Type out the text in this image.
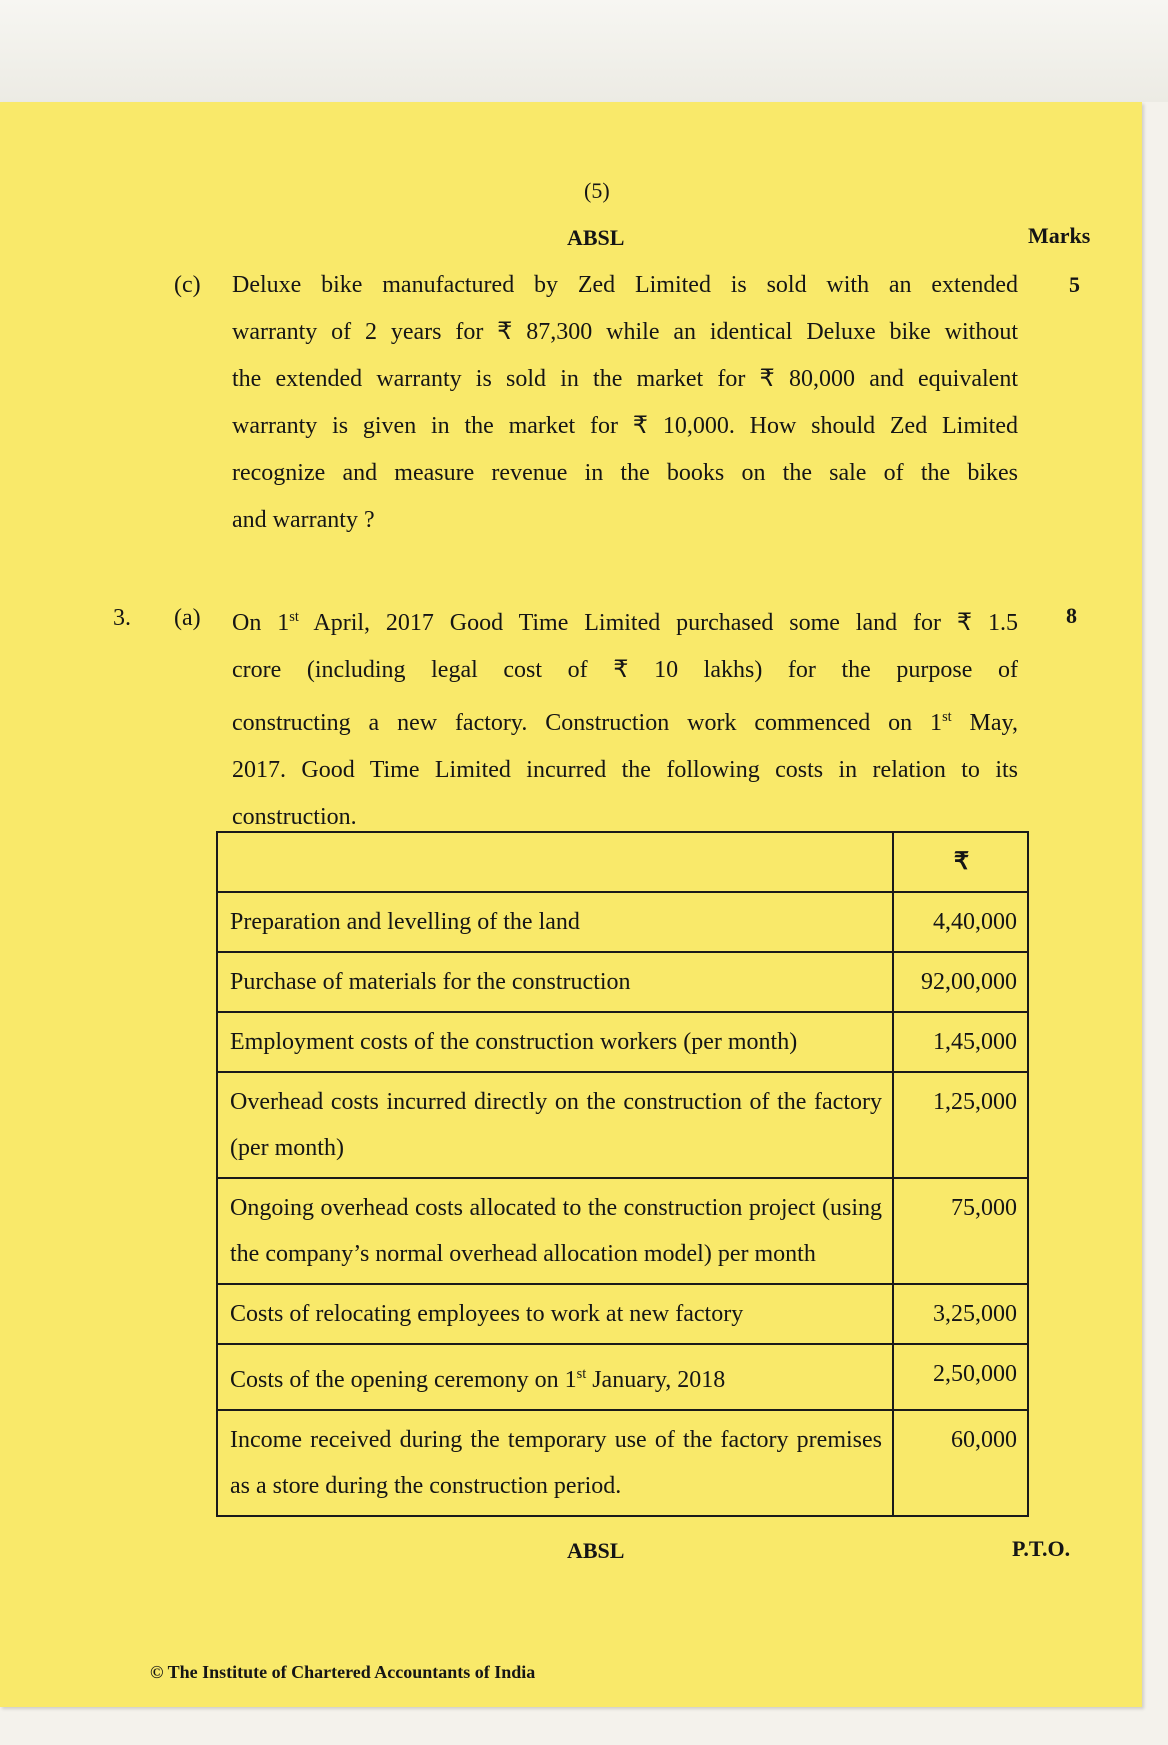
(5)
ABSL	Marks
(c)	5
Deluxe bike manufactured by Zed Limited is sold with an extended
warranty of 2 years for ₹ 87,300 while an identical Deluxe bike without
the extended warranty is sold in the market for ₹ 80,000 and equivalent
warranty is given in the market for ₹ 10,000. How should Zed Limited
recognize and measure revenue in the books on the sale of the bikes
and warranty ?
3. (a)	8
On 1st April, 2017 Good Time Limited purchased some land for ₹ 1.5
crore (including legal cost of ₹ 10 lakhs) for the purpose of
constructing a new factory. Construction work commenced on 1st May,
2017. Good Time Limited incurred the following costs in relation to its
construction.
	₹
Preparation and levelling of the land	4,40,000
Purchase of materials for the construction	92,00,000
Employment costs of the construction workers (per month)	1,45,000
Overhead costs incurred directly on the construction of the factory (per month)	1,25,000
Ongoing overhead costs allocated to the construction project (using the company’s normal overhead allocation model) per month	75,000
Costs of relocating employees to work at new factory	3,25,000
Costs of the opening ceremony on 1st January, 2018	2,50,000
Income received during the temporary use of the factory premises as a store during the construction period.	60,000
ABSL	P.T.O.
© The Institute of Chartered Accountants of India
